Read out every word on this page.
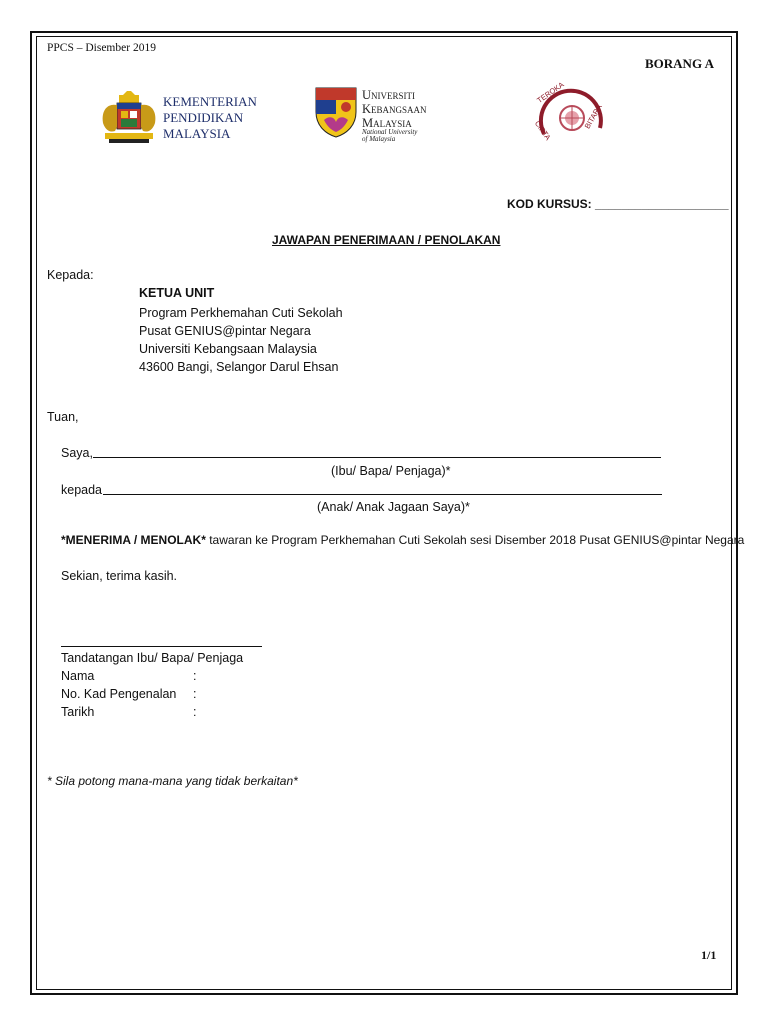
PPCS – Disember 2019
BORANG A
KEMENTERIAN
PENDIDIKAN
MALAYSIA
Universiti
Kebangsaan
Malaysia
National University
of Malaysia
TEROKA
CIPTA
BITARA
KOD KURSUS: ____________________
JAWAPAN PENERIMAAN / PENOLAKAN
Kepada:
KETUA UNIT
Program Perkhemahan Cuti Sekolah
Pusat GENIUS@pintar Negara
Universiti Kebangsaan Malaysia
43600 Bangi, Selangor Darul Ehsan
Tuan,
Saya,
(Ibu/ Bapa/ Penjaga)*
kepada
(Anak/ Anak Jagaan Saya)*
*MENERIMA / MENOLAK* tawaran ke Program Perkhemahan Cuti Sekolah sesi Disember 2018 Pusat GENIUS@pintar Negara
Sekian, terima kasih.
Tandatangan Ibu/ Bapa/ Penjaga
Nama	:
No. Kad Pengenalan :
Tarikh	:
* Sila potong mana-mana yang tidak berkaitan*
1/1
